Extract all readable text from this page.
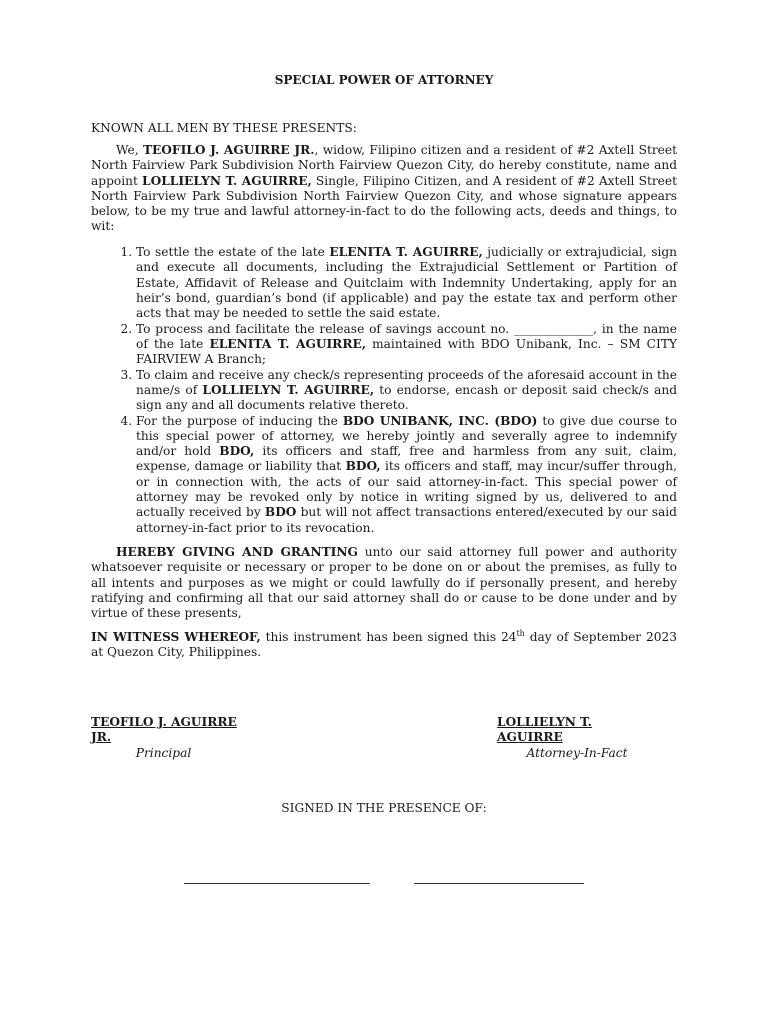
SPECIAL POWER OF ATTORNEY
KNOWN ALL MEN BY THESE PRESENTS:

We, TEOFILO J. AGUIRRE JR., widow, Filipino citizen and a resident of #2 Axtell Street North Fairview Park Subdivision North Fairview Quezon City, do hereby constitute, name and appoint LOLLIELYN T. AGUIRRE, Single, Filipino Citizen, and A resident of #2 Axtell Street North Fairview Park Subdivision North Fairview Quezon City, and whose signature appears below, to be my true and lawful attorney-in-fact to do the following acts, deeds and things, to wit:

1. To settle the estate of the late ELENITA T. AGUIRRE, judicially or extrajudicial, sign and execute all documents, including the Extrajudicial Settlement or Partition of Estate, Affidavit of Release and Quitclaim with Indemnity Undertaking, apply for an heir’s bond, guardian’s bond (if applicable) and pay the estate tax and perform other acts that may be needed to settle the said estate.
2. To process and facilitate the release of savings account no. _____________, in the name of the late ELENITA T. AGUIRRE, maintained with BDO Unibank, Inc. – SM CITY FAIRVIEW A Branch;
3. To claim and receive any check/s representing proceeds of the aforesaid account in the name/s of LOLLIELYN T. AGUIRRE, to endorse, encash or deposit said check/s and sign any and all documents relative thereto.
4. For the purpose of inducing the BDO UNIBANK, INC. (BDO) to give due course to this special power of attorney, we hereby jointly and severally agree to indemnify and/or hold BDO, its officers and staff, free and harmless from any suit, claim, expense, damage or liability that BDO, its officers and staff, may incur/suffer through, or in connection with, the acts of our said attorney-in-fact. This special power of attorney may be revoked only by notice in writing signed by us, delivered to and actually received by BDO but will not affect transactions entered/executed by our said attorney-in-fact prior to its revocation.

HEREBY GIVING AND GRANTING unto our said attorney full power and authority whatsoever requisite or necessary or proper to be done on or about the premises, as fully to all intents and purposes as we might or could lawfully do if personally present, and hereby ratifying and confirming all that our said attorney shall do or cause to be done under and by virtue of these presents,

IN WITNESS WHEREOF, this instrument has been signed this 24th day of September 2023 at Quezon City, Philippines.

TEOFILO J. AGUIRRE JR.
Principal
LOLLIELYN T. AGUIRRE
Attorney-In-Fact
SIGNED IN THE PRESENCE OF:
